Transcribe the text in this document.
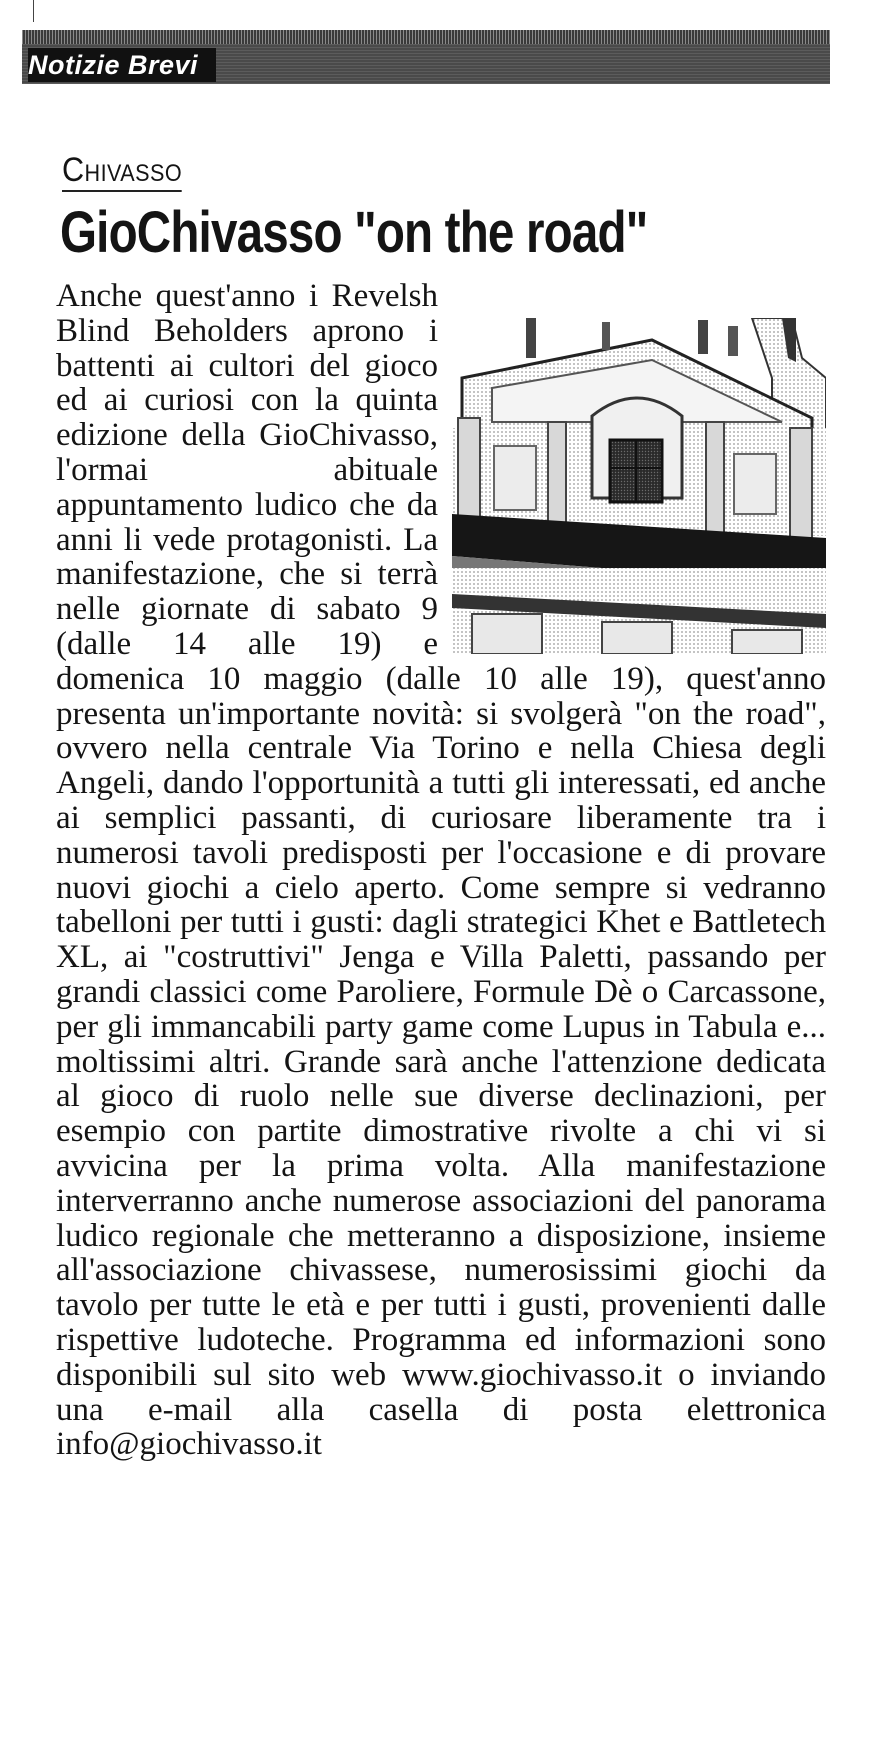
Notizie Brevi
Chivasso
GioChivasso "on the road"

Anche quest'anno i Revelsh Blind Beholders aprono i battenti ai cultori del gioco ed ai curiosi con la quinta edizione della GioChivasso, l'ormai abituale appuntamento ludico che da anni li vede protagonisti. La manifestazione, che si terrà nelle giornate di sabato 9 (dalle 14 alle 19) e domenica 10 maggio (dalle 10 alle 19), quest'anno presenta un'importante novità: si svolgerà "on the road", ovvero nella centrale Via Torino e nella Chiesa degli Angeli, dando l'opportunità a tutti gli interessati, ed anche ai semplici passanti, di curiosare liberamente tra i numerosi tavoli predisposti per l'occasione e di provare nuovi giochi a cielo aperto. Come sempre si vedranno tabelloni per tutti i gusti: dagli strategici Khet e Battletech XL, ai "costruttivi" Jenga e Villa Paletti, passando per grandi classici come Paroliere, Formule Dè o Carcassone, per gli immancabili party game come Lupus in Tabula e... moltissimi altri. Grande sarà anche l'attenzione dedicata al gioco di ruolo nelle sue diverse declinazioni, per esempio con partite dimostrative rivolte a chi vi si avvicina per la prima volta. Alla manifestazione interverranno anche numerose associazioni del panorama ludico regionale che metteranno a disposizione, insieme all'associazione chivassese, numerosissimi giochi da tavolo per tutte le età e per tutti i gusti, provenienti dalle rispettive ludoteche. Programma ed informazioni sono disponibili sul sito web www.giochivasso.it o inviando una e-mail alla casella di posta elettronica info@giochivasso.it
